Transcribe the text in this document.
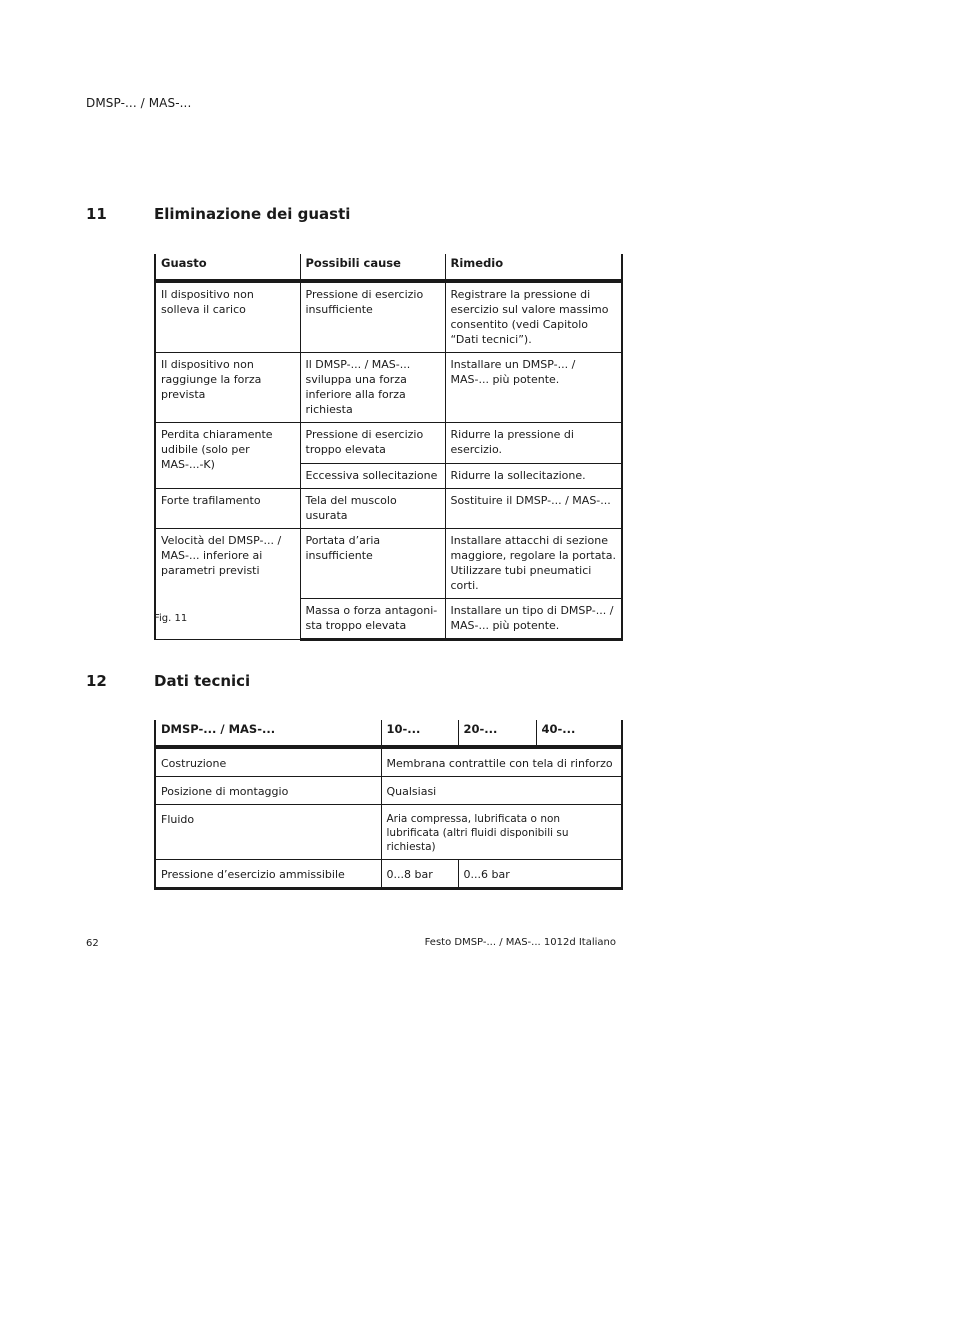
DMSP-... / MAS-...
11	Eliminazione dei guasti
Guasto	Possibili cause	Rimedio
Il dispositivo non solleva il carico	Pressione di esercizio insufficiente	Registrare la pressione di esercizio sul valore massimo consentito (vedi Capitolo “Dati tecnici”).
Il dispositivo non raggiunge la forza prevista	Il DMSP-... / MAS-... sviluppa una forza inferiore alla forza richiesta	Installare un DMSP-... / MAS-... più potente.
Perdita chiaramente udibile (solo per MAS-...-K)	Pressione di esercizio troppo elevata	Ridurre la pressione di esercizio.
	Eccessiva sollecitazione	Ridurre la sollecitazione.
Forte trafilamento	Tela del muscolo usurata	Sostituire il DMSP-... / MAS-...
Velocità del DMSP-... / MAS-... inferiore ai parametri previsti	Portata d’aria insufficiente	Installare attacchi di sezione maggiore, regolare la portata. Utilizzare tubi pneumatici corti.
	Massa o forza antagoni-sta troppo elevata	Installare un tipo di DMSP-... / MAS-... più potente.
Fig. 11
12	Dati tecnici
DMSP-... / MAS-...	10-...	20-...	40-...
Costruzione	Membrana contrattile con tela di rinforzo		
Posizione di montaggio	Qualsiasi		
Fluido	Aria compressa, lubrificata o non lubrificata (altri fluidi disponibili su richiesta)		
Pressione d’esercizio ammissibile	0...8 bar	0...6 bar	
62	Festo DMSP-... / MAS-... 1012d Italiano
